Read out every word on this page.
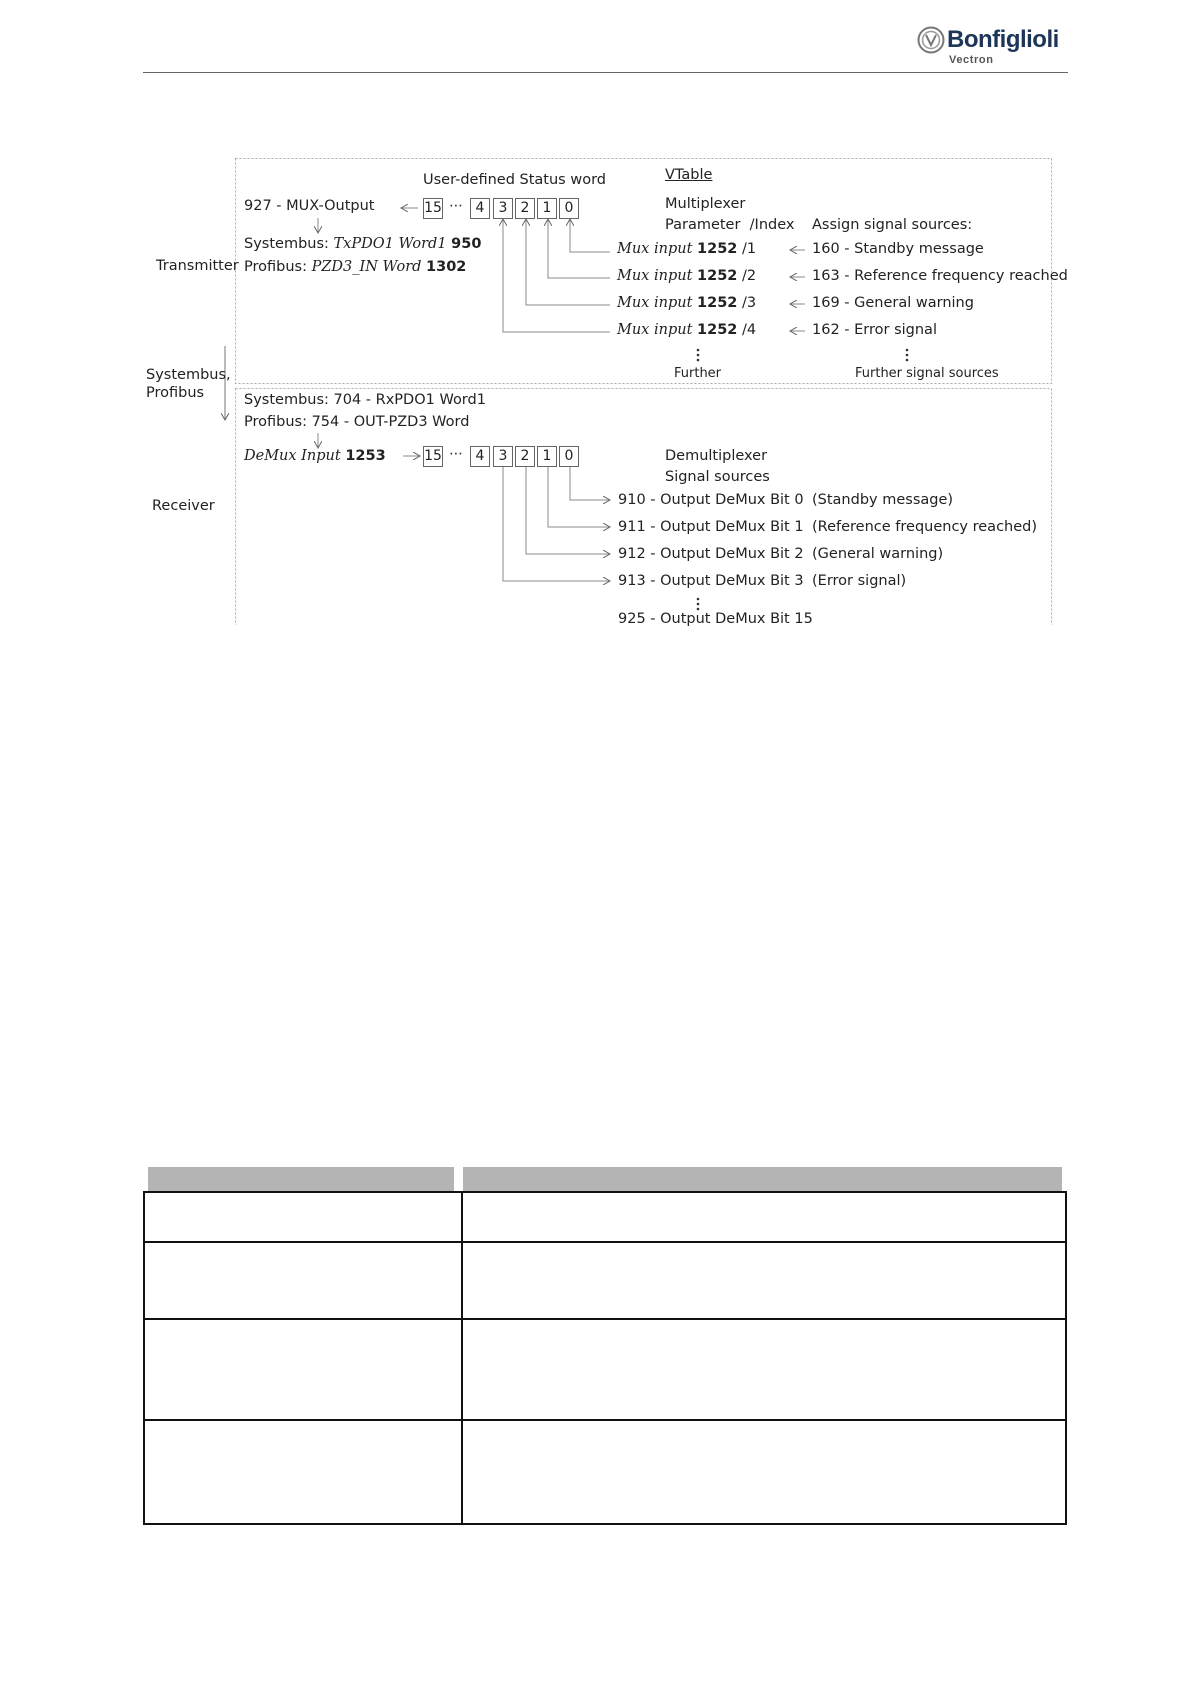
Bonfiglioli
Vectron
Transmitter
Systembus,
Profibus
Receiver
User-defined Status word	VTable
Multiplexer
Parameter  /Index Assign signal sources:
927 - MUX-Output
Systembus: TxPDO1 Word1 950
Profibus: PZD3_IN Word 1302
15 ⋯ 4	3 2 1 0
Mux input 1252 /1
Mux input 1252 /2
Mux input 1252 /3
Mux input 1252 /4
160 - Standby message
163 - Reference frequency reached
169 - General warning
162 - Error signal
Further	Further signal sources
Systembus: 704 - RxPDO1 Word1
Profibus: 754 - OUT-PZD3 Word
DeMux Input 1253	15 ⋯ 4	3 2 1 0	Demultiplexer
Signal sources
910 - Output DeMux Bit 0
911 - Output DeMux Bit 1
912 - Output DeMux Bit 2
913 - Output DeMux Bit 3
(Standby message)
(Reference frequency reached)
(General warning)
(Error signal)
925 - Output DeMux Bit 15
